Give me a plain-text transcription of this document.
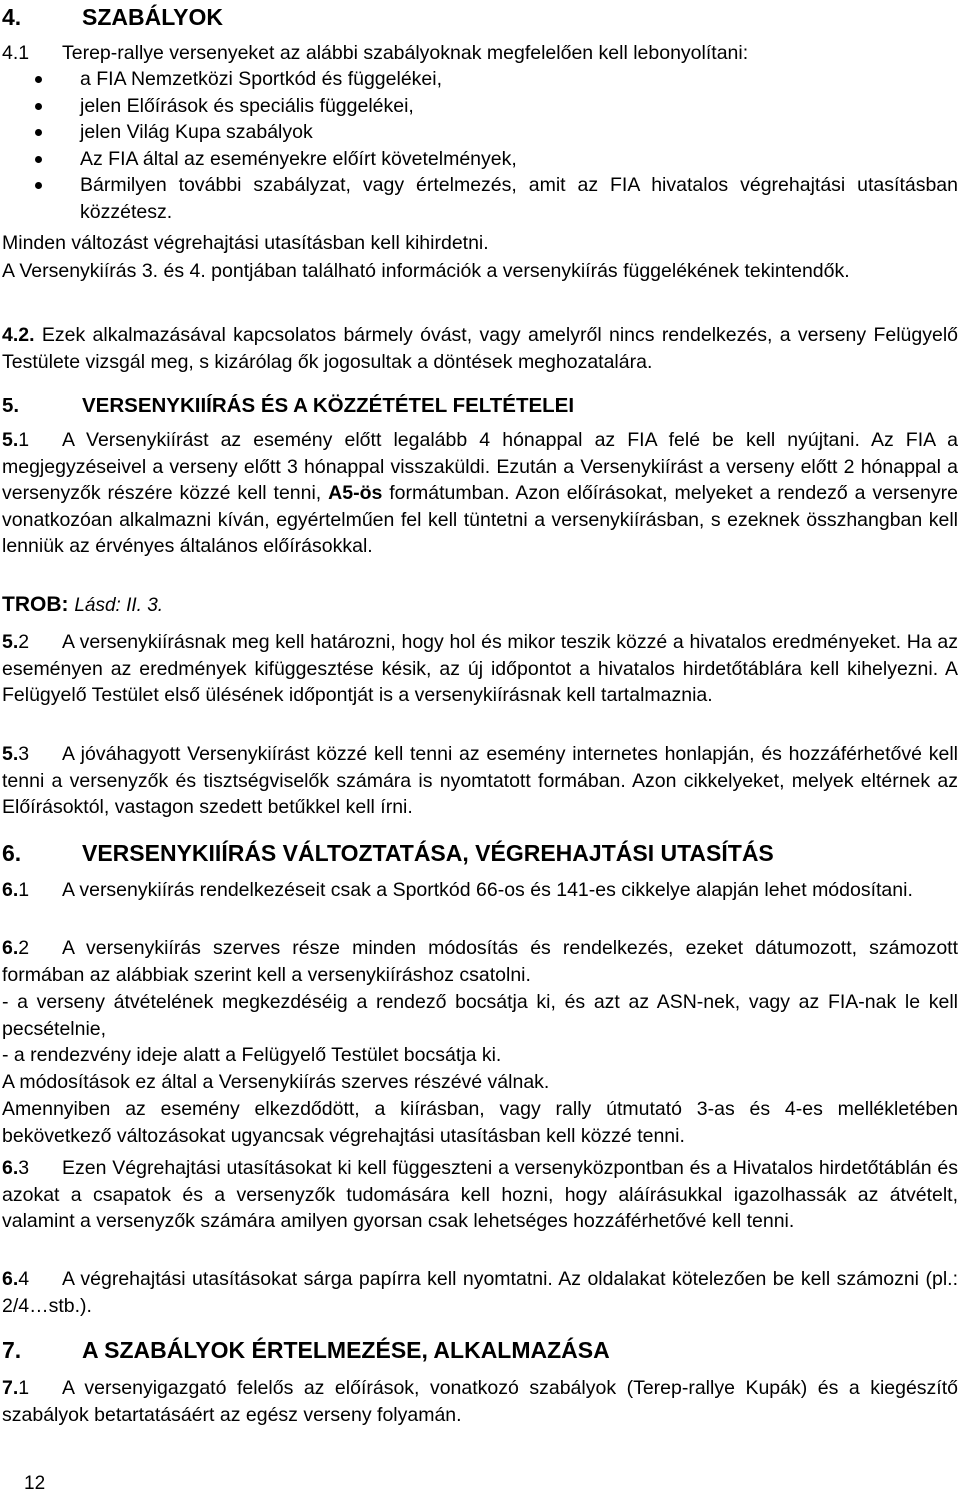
4.	SZABÁLYOK

4.1 Terep-rallye versenyeket az alábbi szabályoknak megfelelően kell lebonyolítani:

a FIA Nemzetközi Sportkód és függelékei,
jelen Előírások és speciális függelékei,
jelen Világ Kupa szabályok
Az FIA által az eseményekre előírt követelmények,
Bármilyen további szabályzat, vagy értelmezés, amit az FIA hivatalos végrehajtási utasításban közzétesz.

Minden változást végrehajtási utasításban kell kihirdetni.

A Versenykiírás 3. és 4. pontjában található információk a versenykiírás függelékének tekintendők.

4.2. Ezek alkalmazásával kapcsolatos bármely óvást, vagy amelyről nincs rendelkezés, a verseny Felügyelő Testülete vizsgál meg, s kizárólag ők jogosultak a döntések meghozatalára.

5.	VERSENYKIIÍRÁS ÉS A KÖZZÉTÉTEL FELTÉTELEI

5.1 A Versenykiírást az esemény előtt legalább 4 hónappal az FIA felé be kell nyújtani. Az FIA a megjegyzéseivel a verseny előtt 3 hónappal visszaküldi. Ezután a Versenykiírást a verseny előtt 2 hónappal a versenyzők részére közzé kell tenni, A5-ös formátumban. Azon előírásokat, melyeket a rendező a versenyre vonatkozóan alkalmazni kíván, egyértelműen fel kell tüntetni a versenykiírásban, s ezeknek összhangban kell lenniük az érvényes általános előírásokkal.

TROB: Lásd: II. 3.

5.2 A versenykiírásnak meg kell határozni, hogy hol és mikor teszik közzé a hivatalos eredményeket. Ha az eseményen az eredmények kifüggesztése késik, az új időpontot a hivatalos hirdetőtáblára kell kihelyezni. A Felügyelő Testület első ülésének időpontját is a versenykiírásnak kell tartalmaznia.

5.3 A jóváhagyott Versenykiírást közzé kell tenni az esemény internetes honlapján, és hozzáférhetővé kell tenni a versenyzők és tisztségviselők számára is nyomtatott formában. Azon cikkelyeket, melyek eltérnek az Előírásoktól, vastagon szedett betűkkel kell írni.

6.	VERSENYKIIÍRÁS VÁLTOZTATÁSA, VÉGREHAJTÁSI UTASÍTÁS

6.1 A versenykiírás rendelkezéseit csak a Sportkód 66-os és 141-es cikkelye alapján lehet módosítani.

6.2 A versenykiírás szerves része minden módosítás és rendelkezés, ezeket dátumozott, számozott formában az alábbiak szerint kell a versenykiíráshoz csatolni.

- a verseny átvételének megkezdéséig a rendező bocsátja ki, és azt az ASN-nek, vagy az FIA-nak le kell pecsételnie,

- a rendezvény ideje alatt a Felügyelő Testület bocsátja ki.

A módosítások ez által a Versenykiírás szerves részévé válnak.

Amennyiben az esemény elkezdődött, a kiírásban, vagy rally útmutató 3-as és 4-es mellékletében bekövetkező változásokat ugyancsak végrehajtási utasításban kell közzé tenni.

6.3 Ezen Végrehajtási utasításokat ki kell függeszteni a versenyközpontban és a Hivatalos hirdetőtáblán és azokat a csapatok és a versenyzők tudomására kell hozni, hogy aláírásukkal igazolhassák az átvételt, valamint a versenyzők számára amilyen gyorsan csak lehetséges hozzáférhetővé kell tenni.

6.4 A végrehajtási utasításokat sárga papírra kell nyomtatni. Az oldalakat kötelezően be kell számozni (pl.: 2/4…stb.).

7.	A SZABÁLYOK ÉRTELMEZÉSE, ALKALMAZÁSA

7.1 A versenyigazgató felelős az előírások, vonatkozó szabályok (Terep-rallye Kupák) és a kiegészítő szabályok betartatásáért az egész verseny folyamán.

12
